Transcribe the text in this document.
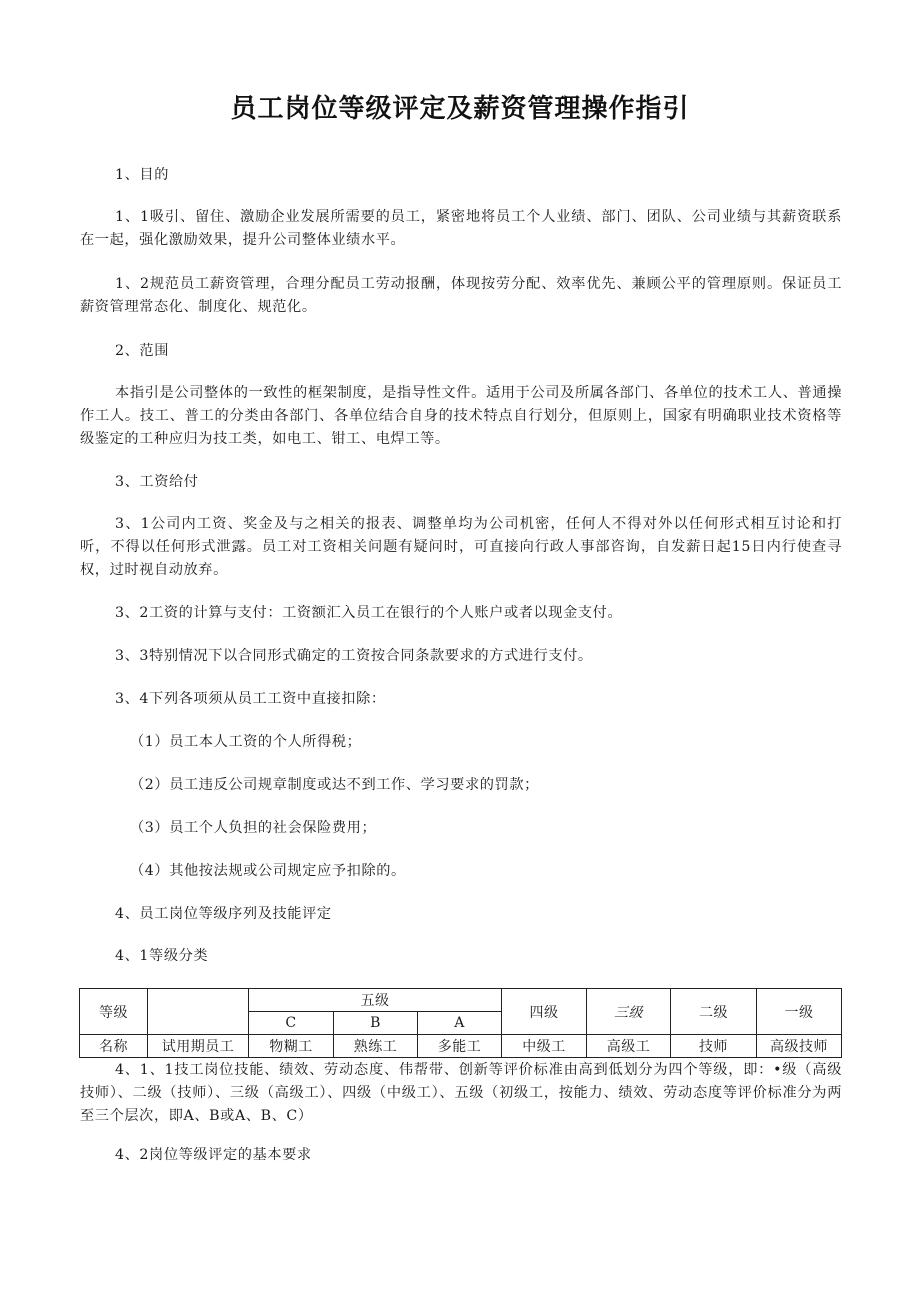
员工岗位等级评定及薪资管理操作指引

1、目的

1、1吸引、留住、激励企业发展所需要的员工，紧密地将员工个人业绩、部门、团队、公司业绩与其薪资联系在一起，强化激励效果，提升公司整体业绩水平。

1、2规范员工薪资管理，合理分配员工劳动报酬，体现按劳分配、效率优先、兼顾公平的管理原则。保证员工薪资管理常态化、制度化、规范化。

2、范围

本指引是公司整体的一致性的框架制度，是指导性文件。适用于公司及所属各部门、各单位的技术工人、普通操作工人。技工、普工的分类由各部门、各单位结合自身的技术特点自行划分，但原则上，国家有明确职业技术资格等级鉴定的工种应归为技工类，如电工、钳工、电焊工等。

3、工资给付

3、1公司内工资、奖金及与之相关的报表、调整单均为公司机密，任何人不得对外以任何形式相互讨论和打听，不得以任何形式泄露。员工对工资相关问题有疑问时，可直接向行政人事部咨询，自发薪日起15日内行使查寻权，过时视自动放弃。

3、2工资的计算与支付：工资额汇入员工在银行的个人账户或者以现金支付。

3、3特别情况下以合同形式确定的工资按合同条款要求的方式进行支付。

3、4下列各项须从员工工资中直接扣除：

（1）员工本人工资的个人所得税；

（2）员工违反公司规章制度或达不到工作、学习要求的罚款；

（3）员工个人负担的社会保险费用；

（4）其他按法规或公司规定应予扣除的。

4、员工岗位等级序列及技能评定

4、1等级分类

等级		五级			四级	三级	二级	一级
		C	B	A				
名称	试用期员工	物糊工	熟练工	多能工	中级工	高级工	技师	高级技师

4、1、1技工岗位技能、绩效、劳动态度、伟帮带、创新等评价标准由高到低划分为四个等级，即：•级（高级技师）、二级（技师）、三级（高级工）、四级（中级工）、五级（初级工，按能力、绩效、劳动态度等评价标准分为两至三个层次，即A、B或A、B、C）

4、2岗位等级评定的基本要求
